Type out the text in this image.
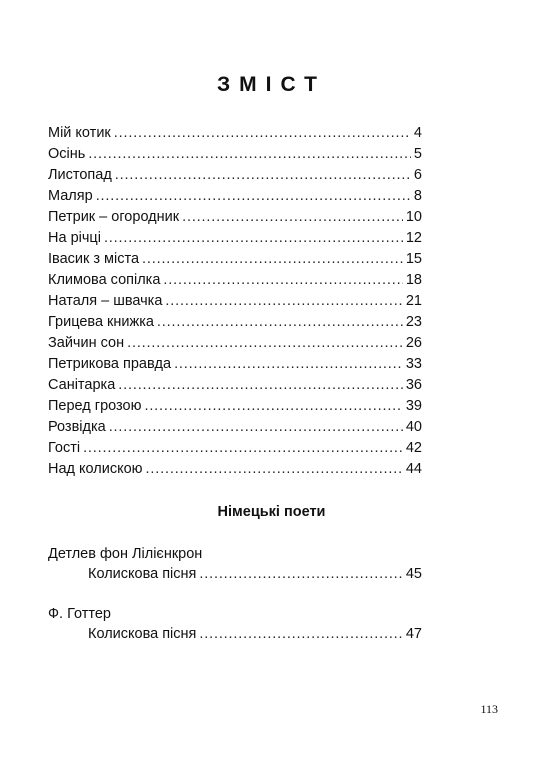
ЗМІСТ
Мій котик . . .	4
Осінь . . .	5
Листопад . . .	6
Маляр . . .	8
Петрик – огородник . . .	10
На річці . . .	12
Івасик з міста . . .	15
Климова сопілка . . .	18
Наталя – швачка . . .	21
Грицева книжка . . .	23
Зайчин сон . . .	26
Петрикова правда . . .	33
Санітарка . . .	36
Перед грозою . . .	39
Розвідка . . .	40
Гості . . .	42
Над колискою . . .	44
Німецькі поети
Детлев фон Лілієнкрон
Колискова пісня . . .	45
Ф. Готтер
Колискова пісня . . .	47
113
